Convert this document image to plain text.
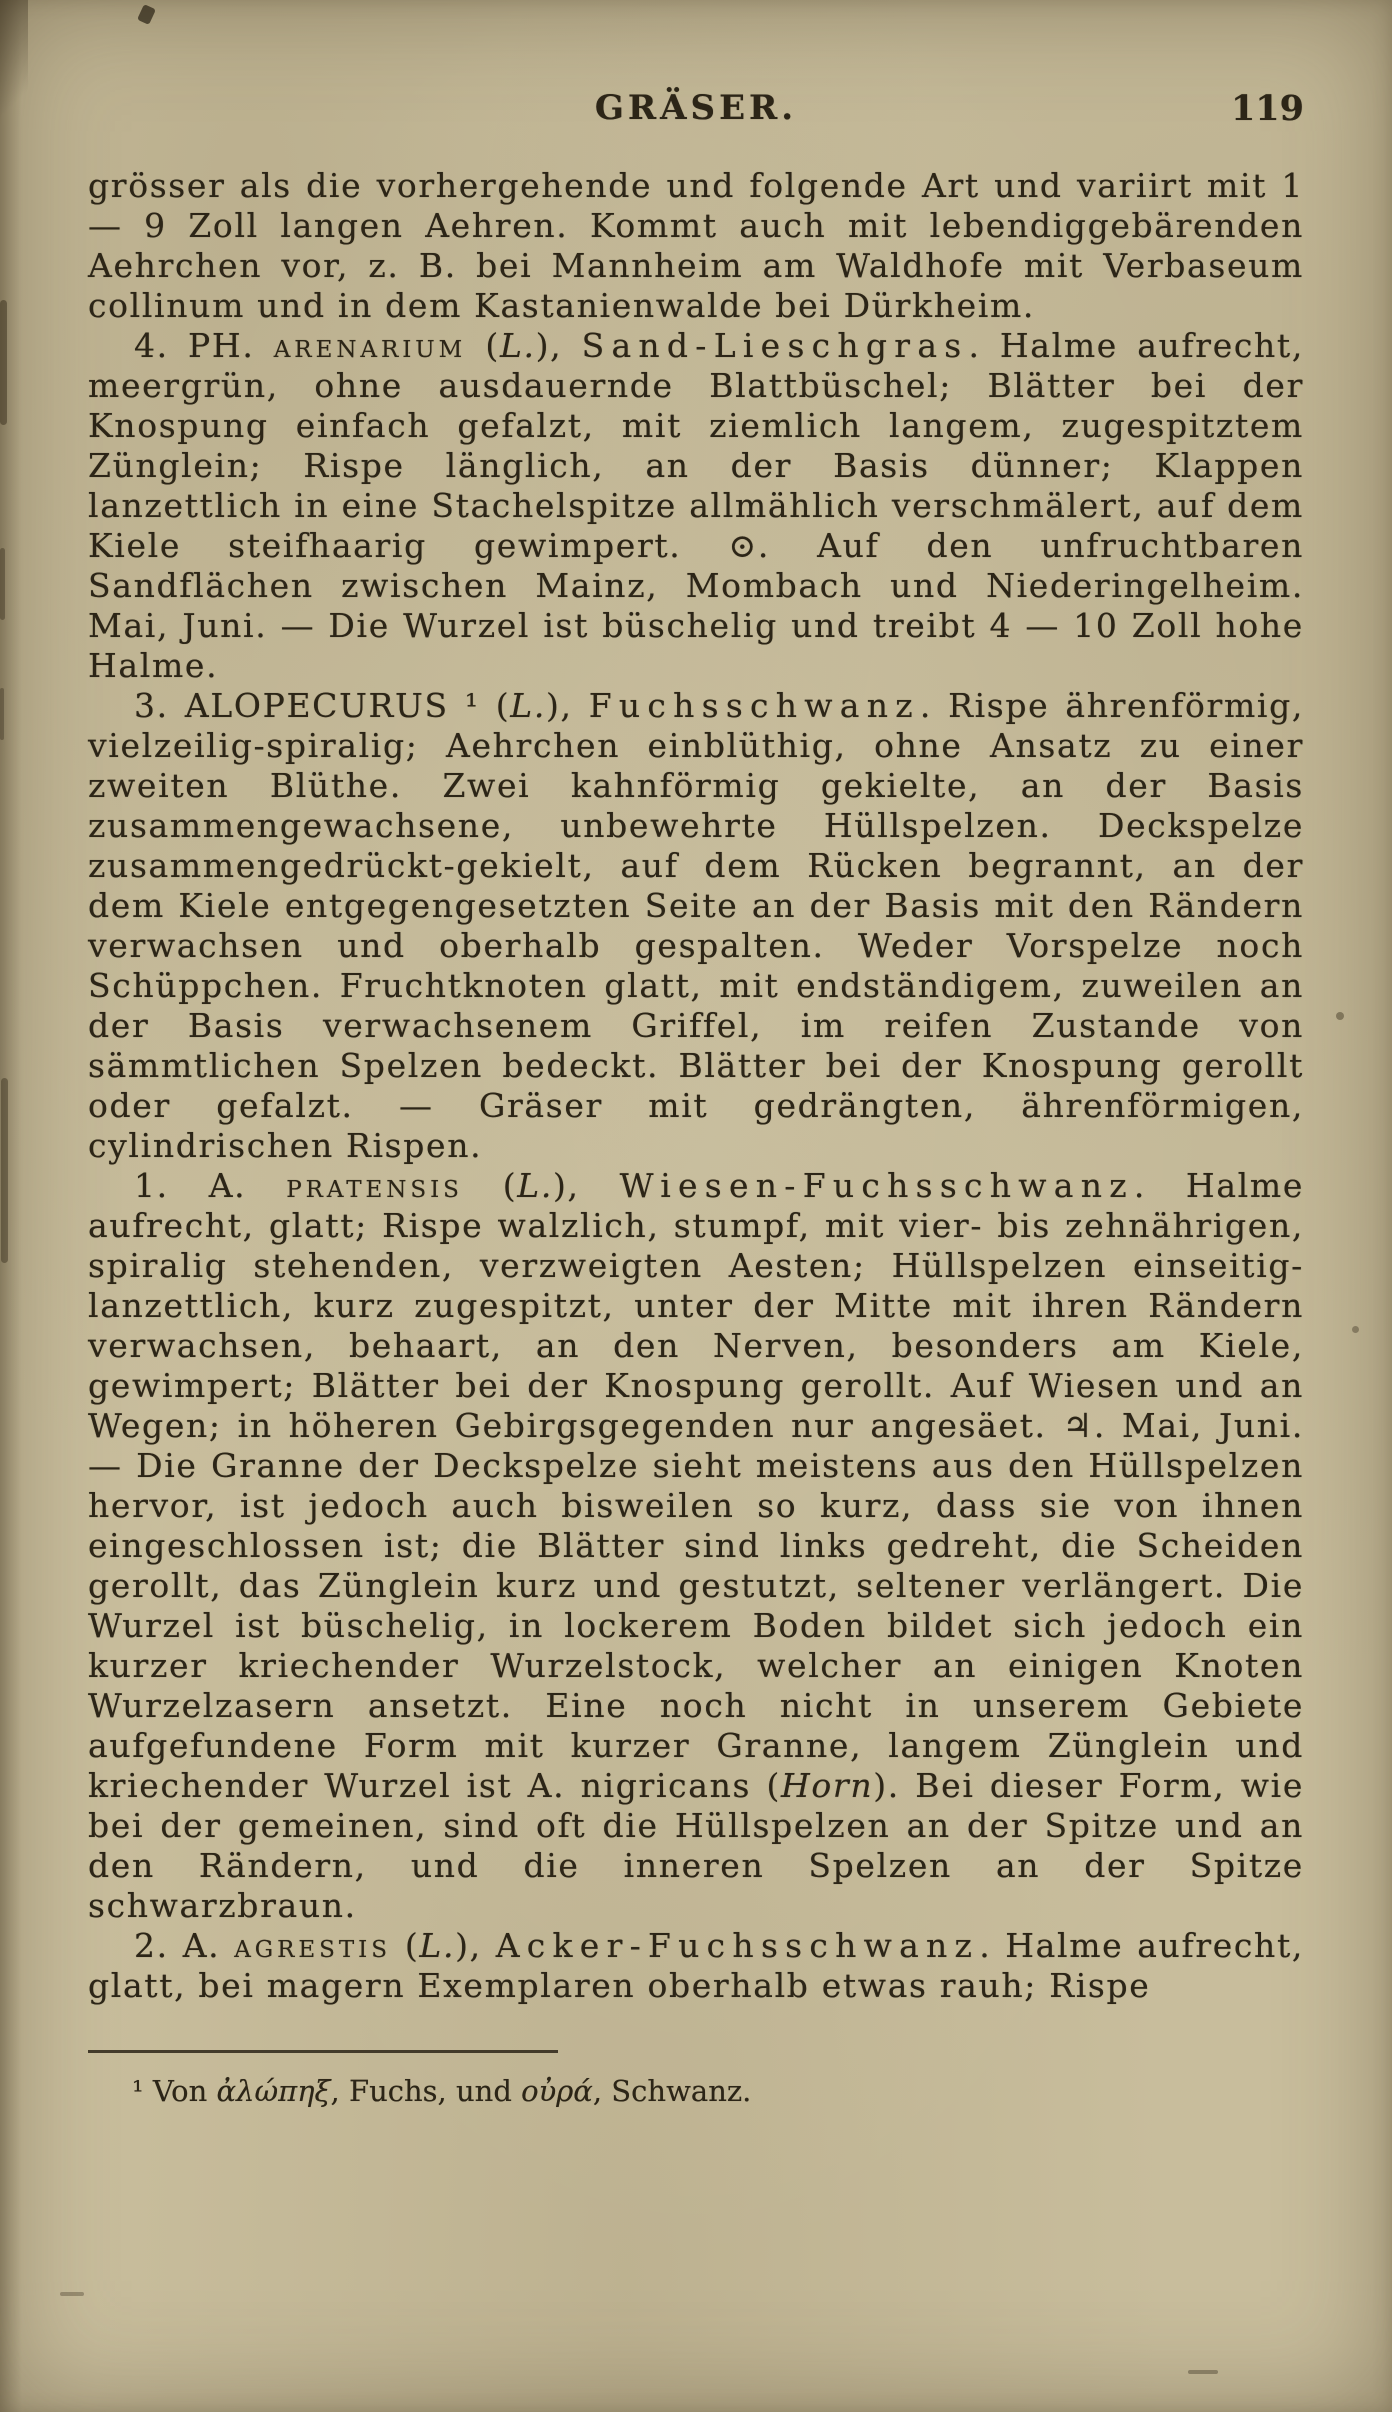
GRÄSER.	119

grösser als die vorhergehende und folgende Art und variirt mit 1 — 9 Zoll langen Aehren. Kommt auch mit lebendiggebärenden Aehrchen vor, z. B. bei Mannheim am Waldhofe mit Verbaseum collinum und in dem Kastanienwalde bei Dürkheim.

4. PH. arenarium (L.), Sand-Lieschgras. Halme aufrecht, meergrün, ohne ausdauernde Blattbüschel; Blätter bei der Knospung einfach gefalzt, mit ziemlich langem, zugespitztem Zünglein; Rispe länglich, an der Basis dünner; Klappen lanzettlich in eine Stachelspitze allmählich verschmälert, auf dem Kiele steifhaarig gewimpert. ⊙. Auf den unfruchtbaren Sandflächen zwischen Mainz, Mombach und Niederingelheim. Mai, Juni. — Die Wurzel ist büschelig und treibt 4 — 10 Zoll hohe Halme.

3. ALOPECURUS ¹ (L.), Fuchsschwanz. Rispe ährenförmig, vielzeilig-spiralig; Aehrchen einblüthig, ohne Ansatz zu einer zweiten Blüthe. Zwei kahnförmig gekielte, an der Basis zusammengewachsene, unbewehrte Hüllspelzen. Deckspelze zusammengedrückt-gekielt, auf dem Rücken begrannt, an der dem Kiele entgegengesetzten Seite an der Basis mit den Rändern verwachsen und oberhalb gespalten. Weder Vorspelze noch Schüppchen. Fruchtknoten glatt, mit endständigem, zuweilen an der Basis verwachsenem Griffel, im reifen Zustande von sämmtlichen Spelzen bedeckt. Blätter bei der Knospung gerollt oder gefalzt. — Gräser mit gedrängten, ährenförmigen, cylindrischen Rispen.

1. A. pratensis (L.), Wiesen-Fuchsschwanz. Halme aufrecht, glatt; Rispe walzlich, stumpf, mit vier- bis zehnährigen, spiralig stehenden, verzweigten Aesten; Hüllspelzen einseitig-lanzettlich, kurz zugespitzt, unter der Mitte mit ihren Rändern verwachsen, behaart, an den Nerven, besonders am Kiele, gewimpert; Blätter bei der Knospung gerollt. Auf Wiesen und an Wegen; in höheren Gebirgsgegenden nur angesäet. ♃. Mai, Juni. — Die Granne der Deckspelze sieht meistens aus den Hüllspelzen hervor, ist jedoch auch bisweilen so kurz, dass sie von ihnen eingeschlossen ist; die Blätter sind links gedreht, die Scheiden gerollt, das Zünglein kurz und gestutzt, seltener verlängert. Die Wurzel ist büschelig, in lockerem Boden bildet sich jedoch ein kurzer kriechender Wurzelstock, welcher an einigen Knoten Wurzelzasern ansetzt. Eine noch nicht in unserem Gebiete aufgefundene Form mit kurzer Granne, langem Zünglein und kriechender Wurzel ist A. nigricans (Horn). Bei dieser Form, wie bei der gemeinen, sind oft die Hüllspelzen an der Spitze und an den Rändern, und die inneren Spelzen an der Spitze schwarzbraun.

2. A. agrestis (L.), Acker-Fuchsschwanz. Halme aufrecht, glatt, bei magern Exemplaren oberhalb etwas rauh; Rispe

¹ Von ἀλώπηξ, Fuchs, und οὐρά, Schwanz.
